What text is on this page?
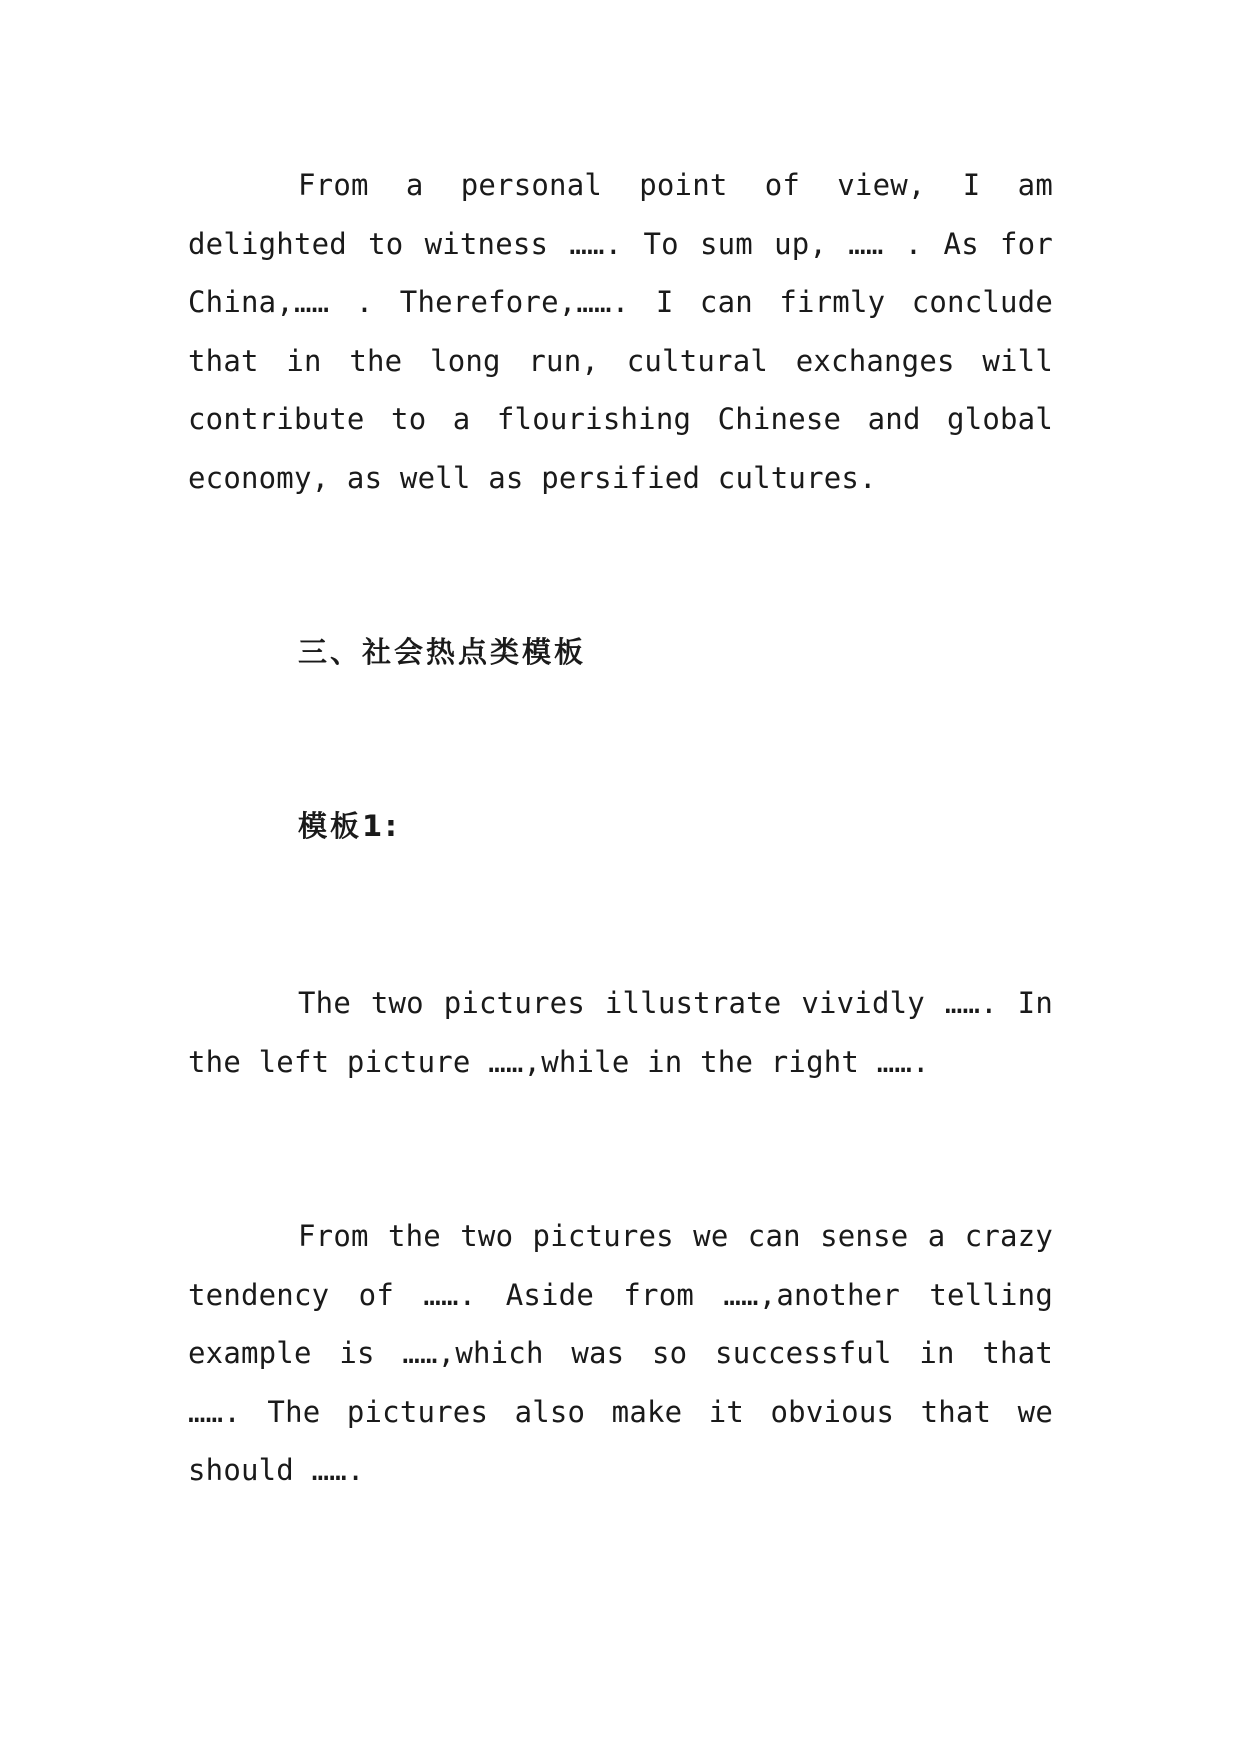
From a personal point of view, I am delighted to witness ……. To sum up, …… . As for China,…… . Therefore,……. I can firmly conclude that in the long run, cultural exchanges will contribute to a flourishing Chinese and global economy, as well as persified cultures.

三、社会热点类模板
模板1:

The two pictures illustrate vividly ……. In the left picture ……,while in the right …….

From the two pictures we can sense a crazy tendency of ……. Aside from ……,another telling example is ……,which was so successful in that ……. The pictures also make it obvious that we should …….
